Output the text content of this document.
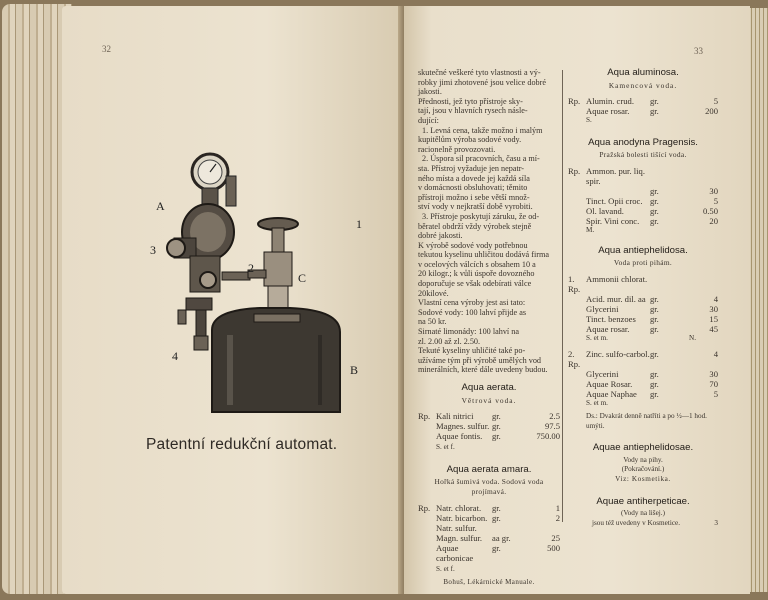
32
A
1
3
2
C
4
B
Patentní redukční automat.
33
skutečné veškeré tyto vlastnosti a vý-
robky jimi zhotovené jsou velice dobré
jakosti.
Přednosti, jež tyto přístroje sky-
tají, jsou v hlavních rysech násle-
dující:
1. Levná cena, takže možno i malým
kupitělům výroba sodové vody.
racionelně provozovati.
2. Úspora sil pracovních, času a mí-
sta. Přístroj vyžaduje jen nepatr-
ného místa a dovede jej každá síla
v domácnosti obsluhovati; těmito
přístroji možno i sebe větší množ-
ství vody v nejkratší době vyrobiti.
3. Přístroje poskytují záruku, že od-
běratel obdrží vždy výrobek stejně
dobré jakosti.
K výrobě sodové vody potřebnou
tekutou kyselinu uhličitou dodává firma
v ocelových válcích s obsahem 10 a
20 kilogr.; k vůli úspoře dovozného
doporučuje se však odebírati válce
20kilové.
Vlastní cena výroby jest asi tato:
Sodové vody: 100 lahví přijde as
na 50 kr.
Sirnaté limonády: 100 lahví na
zl. 2.00 až zl. 2.50.
Tekuté kyseliny uhličité také po-
užíváme tým při výrobě umělých vod
minerálních, které dále uvedeny budou.
Aqua aerata.
Větrová voda.
Rp. Kali nitrici	gr.	2.5
Magnes. sulfur. gr.	97.5
Aquae fontis.	gr.	750.00
S. et f.
Aqua aerata amara.
Hořká šumivá voda. Sodová voda projímavá.
Rp. Natr. chlorat.	gr.	1
Natr. bicarbon. gr.	2
Natr. sulfur.
Magn. sulfur.	aa gr.	25
Aquae carbonicae
gr.	500
S. et f.
Bohuš, Lékárnické Manuale.
Aqua aluminosa.
Kamencová voda.
Rp. Alumin. crud.	gr.	5
Aquae rosar.	gr.	200
S.
Aqua anodyna Pragensis.
Pražská bolesti tišící voda.
Rp. Ammon. pur. liq. spir.
gr.	30
Tinct. Opii croc. gr.	5
Ol. lavand.	gr.	0.50
Spir. Vini conc.	gr.	20
M.
Aqua antiephelidosa.
Voda proti pihám.
1. Rp.
Ammonii chlorat.
Acid. mur. dil. aa gr.	4
Glycerini	gr.	30
Tinct. benzoes	gr.	15
Aquae rosar.	gr.	45
S. et m.	N.
2. Rp.
Zinc. sulfo-carbol. gr.	4
Glycerini	gr.	30
Aquae Rosar.	gr.	70
Aquae Naphae	gr.	5
S. et m.
Ds.: Dvakrát denně natříti a po ½—1 hod. umýti.
Aquae antiephelidosae.
Vody na pihy.
(Pokračování.)
Viz: Kosmetika.
Aquae antiherpeticae.
(Vody na lišej.)
jsou též uvedeny v Kosmetice.	3
